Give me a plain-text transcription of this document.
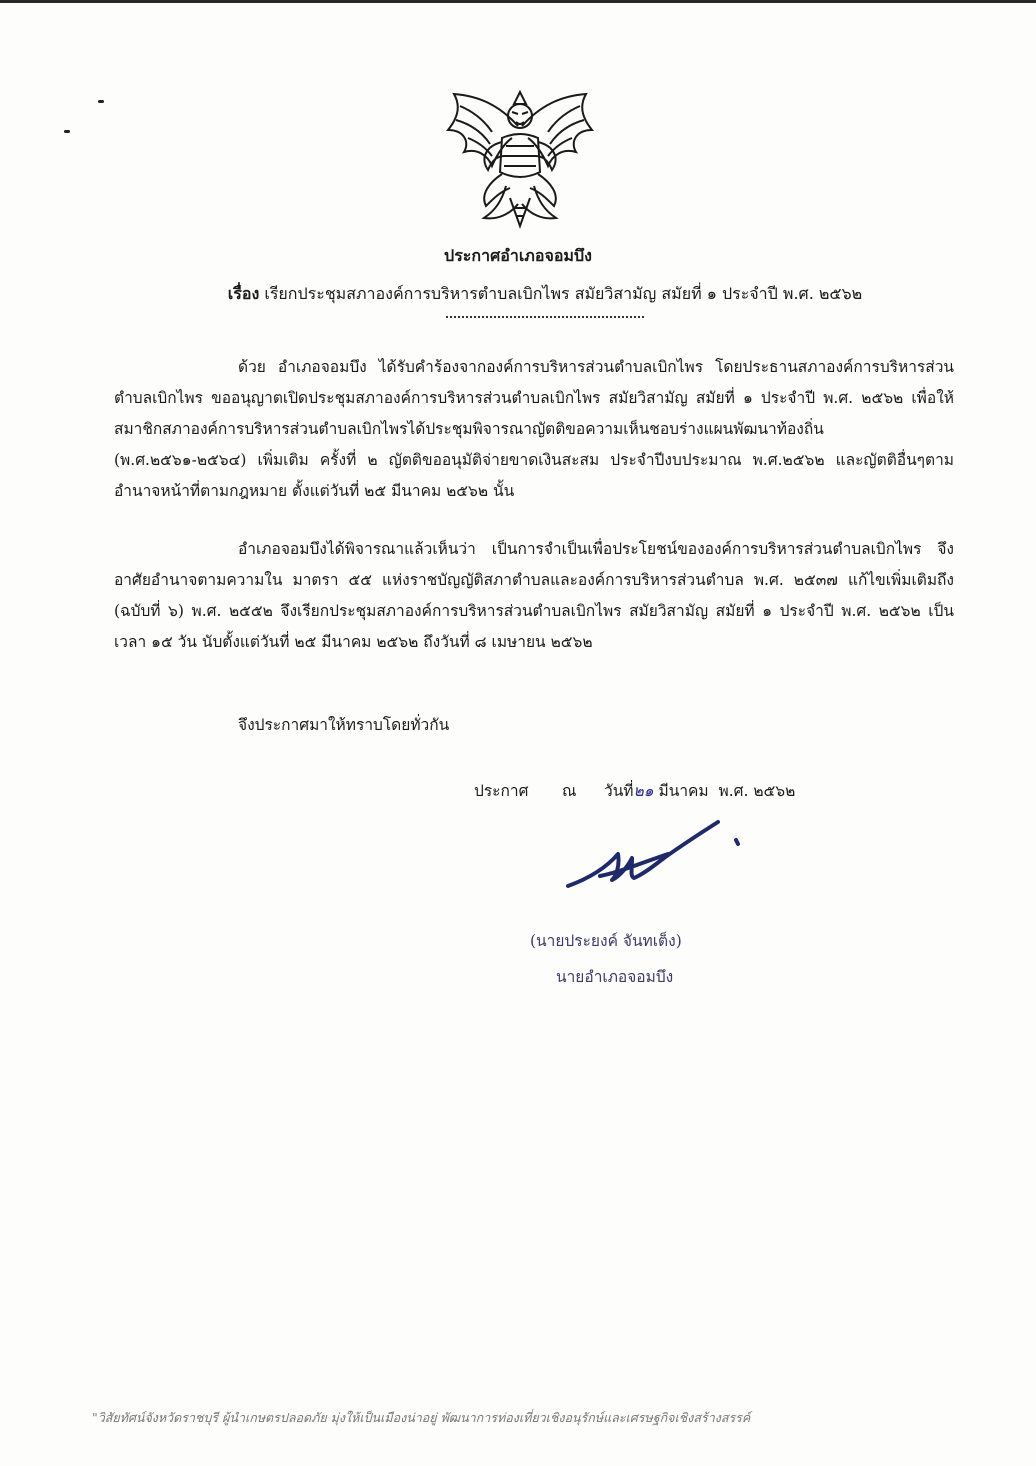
ประกาศอำเภอจอมบึง
เรื่อง เรียกประชุมสภาองค์การบริหารตำบลเบิกไพร สมัยวิสามัญ สมัยที่ ๑ ประจำปี พ.ศ. ๒๕๖๒

ด้วย อำเภอจอมบึง ได้รับคำร้องจากองค์การบริหารส่วนตำบลเบิกไพร โดยประธานสภาองค์การบริหารส่วนตำบลเบิกไพร ขออนุญาตเปิดประชุมสภาองค์การบริหารส่วนตำบลเบิกไพร สมัยวิสามัญ สมัยที่ ๑ ประจำปี พ.ศ. ๒๕๖๒ เพื่อให้สมาชิกสภาองค์การบริหารส่วนตำบลเบิกไพรได้ประชุมพิจารณาญัตติขอความเห็นชอบร่างแผนพัฒนาท้องถิ่น (พ.ศ.๒๕๖๑-๒๕๖๔) เพิ่มเติม ครั้งที่ ๒ ญัตติขออนุมัติจ่ายขาดเงินสะสม ประจำปีงบประมาณ พ.ศ.๒๕๖๒ และญัตติอื่นๆตามอำนาจหน้าที่ตามกฎหมาย ตั้งแต่วันที่ ๒๕ มีนาคม ๒๕๖๒ นั้น

อำเภอจอมบึงได้พิจารณาแล้วเห็นว่า เป็นการจำเป็นเพื่อประโยชน์ขององค์การบริหารส่วนตำบลเบิกไพร จึงอาศัยอำนาจตามความใน มาตรา ๕๕ แห่งราชบัญญัติสภาตำบลและองค์การบริหารส่วนตำบล พ.ศ. ๒๕๓๗ แก้ไขเพิ่มเติมถึง (ฉบับที่ ๖) พ.ศ. ๒๕๕๒ จึงเรียกประชุมสภาองค์การบริหารส่วนตำบลเบิกไพร สมัยวิสามัญ สมัยที่ ๑ ประจำปี พ.ศ. ๒๕๖๒ เป็นเวลา ๑๕ วัน นับตั้งแต่วันที่ ๒๕ มีนาคม ๒๕๖๒ ถึงวันที่ ๘ เมษายน ๒๕๖๒

จึงประกาศมาให้ทราบโดยทั่วกัน
ประกาศ ณ วันที่๒๑ มีนาคม พ.ศ. ๒๕๖๒
(นายประยงค์ จันทเต็ง)
นายอำเภอจอมบึง
"วิสัยทัศน์จังหวัดราชบุรี ผู้นำเกษตรปลอดภัย มุ่งให้เป็นเมืองน่าอยู่ พัฒนาการท่องเที่ยวเชิงอนุรักษ์และเศรษฐกิจเชิงสร้างสรรค์
